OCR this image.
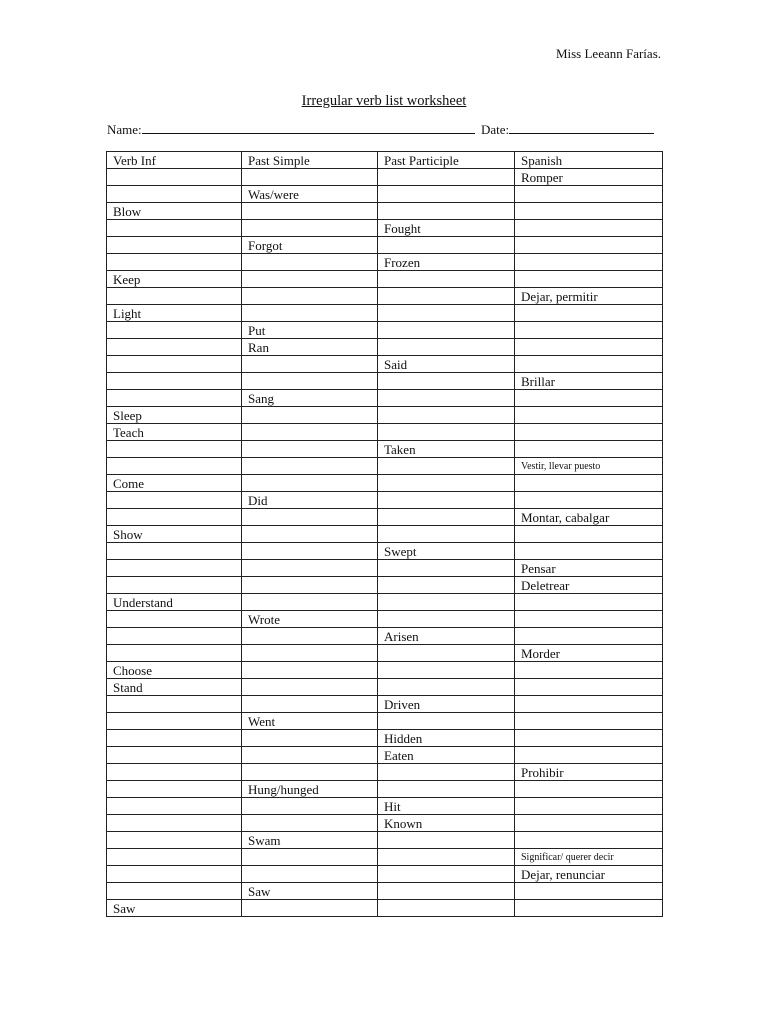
Miss Leeann Farías.
Irregular verb list worksheet
Name:	Date:
Verb Inf	Past Simple	Past Participle	Spanish
			Romper
	Was/were		
Blow			
		Fought	
	Forgot		
		Frozen	
Keep			
			Dejar, permitir
Light			
	Put		
	Ran		
		Said	
			Brillar
	Sang		
Sleep			
Teach			
		Taken	
			Vestir, llevar puesto
Come			
	Did		
			Montar, cabalgar
Show			
		Swept	
			Pensar
			Deletrear
Understand			
	Wrote		
		Arisen	
			Morder
Choose			
Stand			
		Driven	
	Went		
		Hidden	
		Eaten	
			Prohibir
	Hung/hunged		
		Hit	
		Known	
	Swam		
			Significar/ querer decir
			Dejar, renunciar
	Saw		
Saw			
